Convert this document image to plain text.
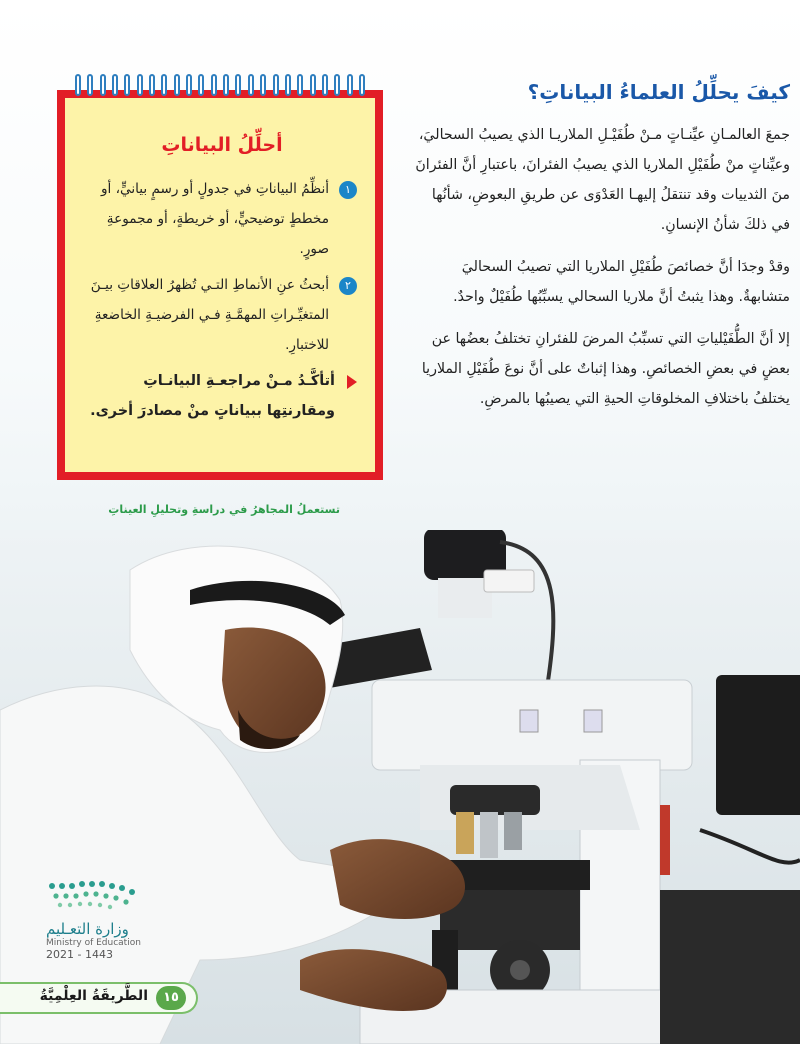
كيفَ يحلِّلُ العلماءُ البياناتِ؟

جمعَ العالمـانِ عيِّنـاتٍ مـنْ طُفَيْـلِ الملاريـا الذي يصيبُ السحاليَ، وعيِّناتٍ منْ طُفَيْلِ الملاريا الذي يصيبُ الفئرانَ، باعتبارِ أنَّ الفئرانَ منَ الثدييات وقد تنتقلُ إليهـا العَدْوَى عن طريقِ البعوضِ، شأنُها في ذلكَ شأنُ الإنسانِ.

وقدْ وجدَا أنَّ خصائصَ طُفَيْلِ الملاريا التي تصيبُ السحاليَ متشابهةٌ. وهذا يثبتُ أنَّ ملاريا السحالي يسبِّبُها طُفَيْلٌ واحدٌ.

إلا أنَّ الطُّفَيْلياتِ التي تسبِّبُ المرضَ للفئرانِ تختلفُ بعضُها عن بعضٍ في بعضِ الخصائصِ. وهذا إثباتٌ على أنَّ نوعَ طُفَيْلِ الملاريا يختلفُ باختلافِ المخلوقاتِ الحيةِ التي يصيبُها بالمرضِ.

أحلِّلُ البياناتِ
١
أنظِّمُ البياناتِ في جدولٍ أو رسمٍ بيانيٍّ، أو مخططٍ توضيحيٍّ، أو خريطةٍ، أو مجموعةِ صورٍ.
٢
أبحثُ عنِ الأنماطِ التـي تُظهرُ العلاقاتِ بيـنَ المتغيِّـراتِ المهمَّـةِ فـي الفرضيـةِ الخاضعةِ للاختبارِ.
أتأكَّـدُ مـنْ مراجعـةِ البيانـاتِ ومقارنتِها ببياناتٍ منْ مصادرَ أخرى.
تستعملُ المجاهرُ في دراسةِ وتحليلِ العيناتِ
وزارة التعـليم
Ministry of Education
2021 - 1443
الطَّريقَةُ العِلْمِيَّةُ	١٥
